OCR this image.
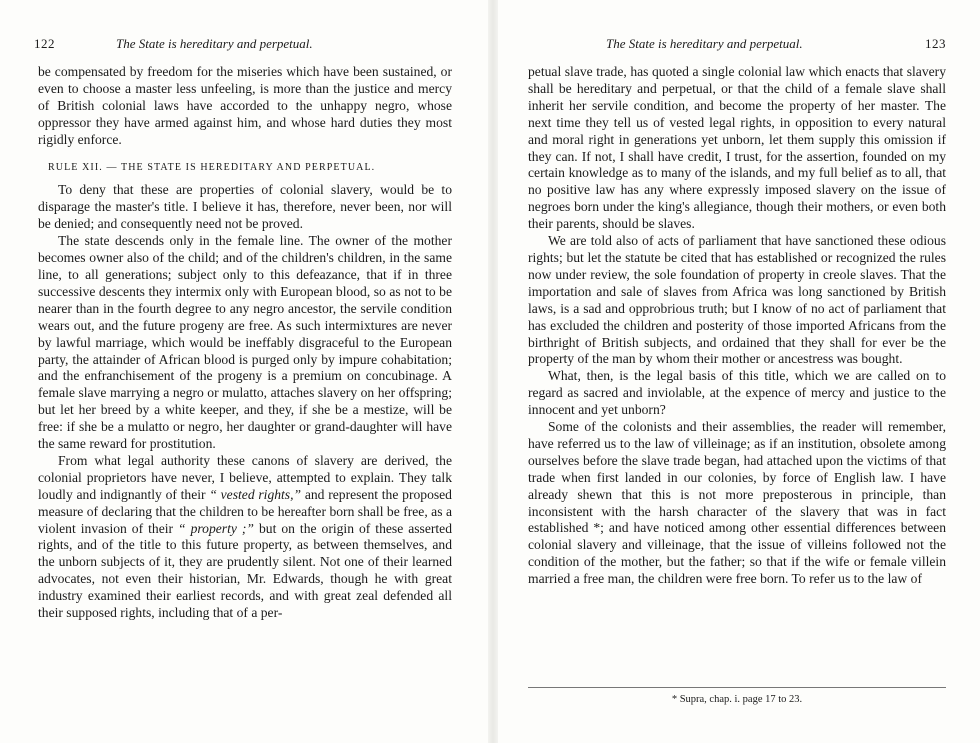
122	The State is hereditary and perpetual.

be compensated by freedom for the miseries which have been sustained, or even to choose a master less unfeeling, is more than the justice and mercy of British colonial laws have accorded to the unhappy negro, whose oppressor they have armed against him, and whose hard duties they most rigidly enforce.

RULE XII. — THE STATE IS HEREDITARY AND PERPETUAL.

To deny that these are properties of colonial slavery, would be to disparage the master's title. I believe it has, therefore, never been, nor will be denied; and consequently need not be proved.

The state descends only in the female line. The owner of the mother becomes owner also of the child; and of the children's children, in the same line, to all generations; subject only to this defeazance, that if in three successive descents they intermix only with European blood, so as not to be nearer than in the fourth degree to any negro ancestor, the servile condition wears out, and the future progeny are free. As such intermixtures are never by lawful marriage, which would be ineffably disgraceful to the European party, the attainder of African blood is purged only by impure cohabitation; and the enfranchisement of the progeny is a premium on concubinage. A female slave marrying a negro or mulatto, attaches slavery on her offspring; but let her breed by a white keeper, and they, if she be a mestize, will be free: if she be a mulatto or negro, her daughter or grand-daughter will have the same reward for prostitution.

From what legal authority these canons of slavery are derived, the colonial proprietors have never, I believe, attempted to explain. They talk loudly and indignantly of their “ vested rights,” and represent the proposed measure of declaring that the children to be hereafter born shall be free, as a violent invasion of their “ property ;” but on the origin of these asserted rights, and of the title to this future property, as between themselves, and the unborn subjects of it, they are prudently silent. Not one of their learned advocates, not even their historian, Mr. Edwards, though he with great industry examined their earliest records, and with great zeal defended all their supposed rights, including that of a per-

The State is hereditary and perpetual.	123

petual slave trade, has quoted a single colonial law which enacts that slavery shall be hereditary and perpetual, or that the child of a female slave shall inherit her servile condition, and become the property of her master. The next time they tell us of vested legal rights, in opposition to every natural and moral right in generations yet unborn, let them supply this omission if they can. If not, I shall have credit, I trust, for the assertion, founded on my certain knowledge as to many of the islands, and my full belief as to all, that no positive law has any where expressly imposed slavery on the issue of negroes born under the king's allegiance, though their mothers, or even both their parents, should be slaves.

We are told also of acts of parliament that have sanctioned these odious rights; but let the statute be cited that has established or recognized the rules now under review, the sole foundation of property in creole slaves. That the importation and sale of slaves from Africa was long sanctioned by British laws, is a sad and opprobrious truth; but I know of no act of parliament that has excluded the children and posterity of those imported Africans from the birthright of British subjects, and ordained that they shall for ever be the property of the man by whom their mother or ancestress was bought.

What, then, is the legal basis of this title, which we are called on to regard as sacred and inviolable, at the expence of mercy and justice to the innocent and yet unborn?

Some of the colonists and their assemblies, the reader will remember, have referred us to the law of villeinage; as if an institution, obsolete among ourselves before the slave trade began, had attached upon the victims of that trade when first landed in our colonies, by force of English law. I have already shewn that this is not more preposterous in principle, than inconsistent with the harsh character of the slavery that was in fact established *; and have noticed among other essential differences between colonial slavery and villeinage, that the issue of villeins followed not the condition of the mother, but the father; so that if the wife or female villein married a free man, the children were free born. To refer us to the law of

* Supra, chap. i. page 17 to 23.
